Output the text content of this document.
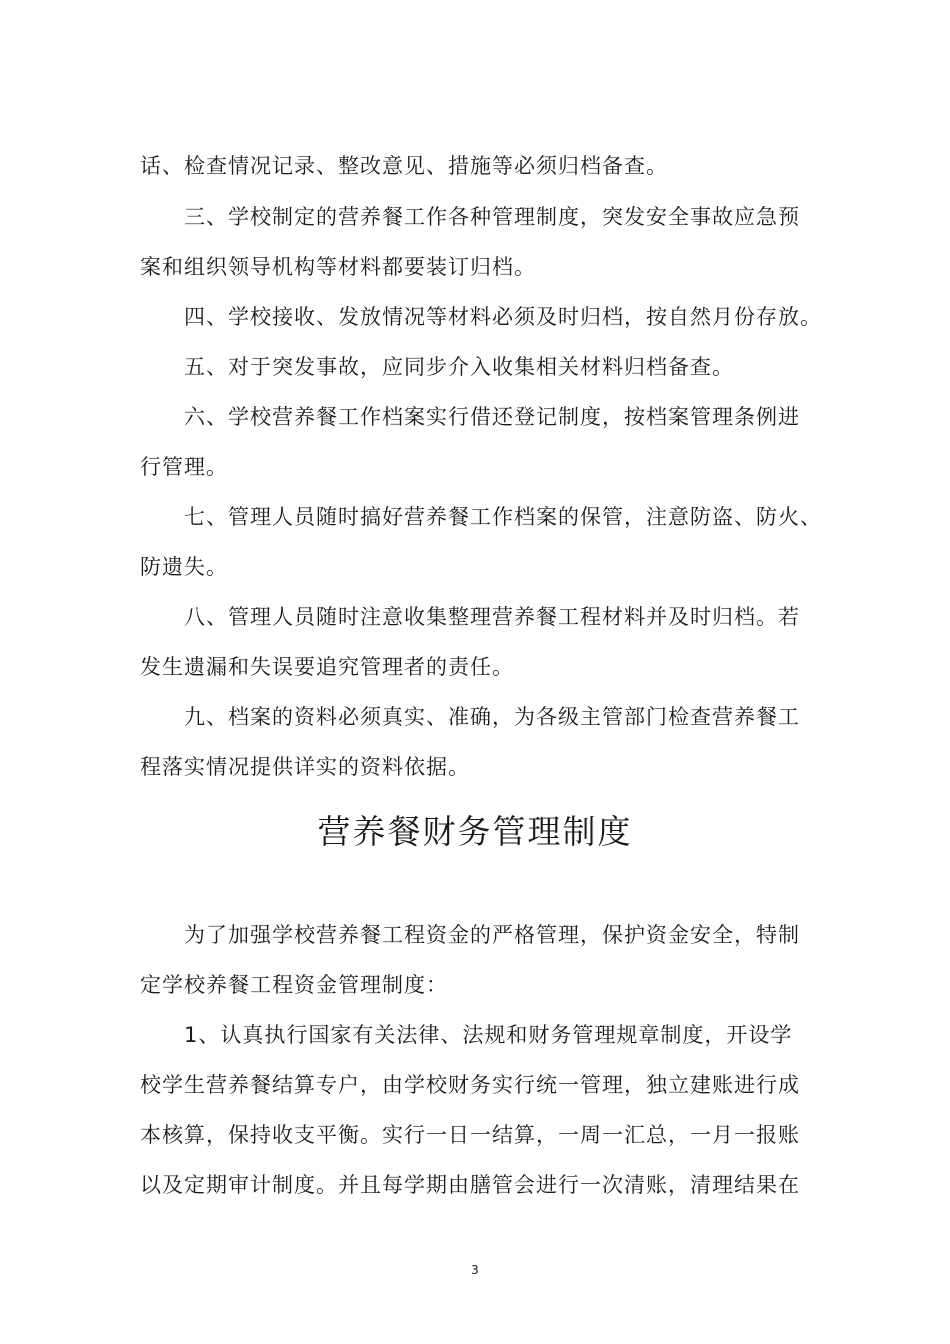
话、检查情况记录、整改意见、措施等必须归档备查。
三、学校制定的营养餐工作各种管理制度，突发安全事故应急预
案和组织领导机构等材料都要装订归档。
四、学校接收、发放情况等材料必须及时归档，按自然月份存放。
五、对于突发事故，应同步介入收集相关材料归档备查。
六、学校营养餐工作档案实行借还登记制度，按档案管理条例进
行管理。
七、管理人员随时搞好营养餐工作档案的保管，注意防盗、防火、
防遗失。
八、管理人员随时注意收集整理营养餐工程材料并及时归档。若
发生遗漏和失误要追究管理者的责任。
九、档案的资料必须真实、准确，为各级主管部门检查营养餐工
程落实情况提供详实的资料依据。
营养餐财务管理制度
为了加强学校营养餐工程资金的严格管理，保护资金安全，特制
定学校养餐工程资金管理制度：
1、认真执行国家有关法律、法规和财务管理规章制度，开设学
校学生营养餐结算专户，由学校财务实行统一管理，独立建账进行成
本核算，保持收支平衡。实行一日一结算，一周一汇总，一月一报账
以及定期审计制度。并且每学期由膳管会进行一次清账，清理结果在
3
